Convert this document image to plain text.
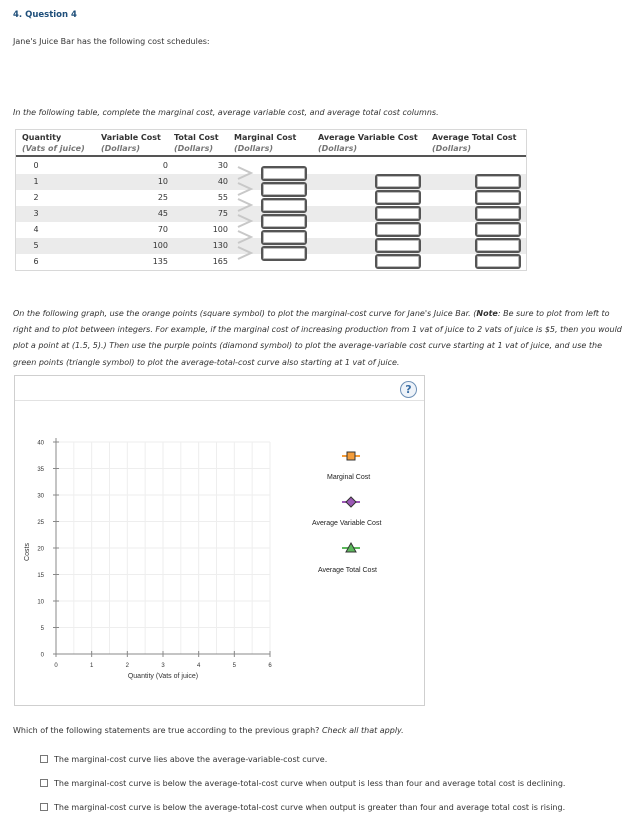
4. Question 4
Jane's Juice Bar has the following cost schedules:
In the following table, complete the marginal cost, average variable cost, and average total cost columns.
Quantity
(Vats of juice)
Variable Cost
(Dollars)
Total Cost
(Dollars)
Marginal Cost
(Dollars)
Average Variable Cost
(Dollars)
Average Total Cost
(Dollars)
0	0	30
1	10	40
2	25	55
3	45	75
4	70	100
5	100	130
6	135	165
On the following graph, use the orange points (square symbol) to plot the marginal-cost curve for Jane's Juice Bar. (Note: Be sure to plot from left to right and to plot between integers. For example, if the marginal cost of increasing production from 1 vat of juice to 2 vats of juice is $5, then you would plot a point at (1.5, 5).) Then use the purple points (diamond symbol) to plot the average-variable cost curve starting at 1 vat of juice, and use the green points (triangle symbol) to plot the average-total-cost curve also starting at 1 vat of juice.
?
40
35
30
25
20
15
10
5
0
0	1	2	3	4	5	6
Costs
Quantity (Vats of juice)
Marginal Cost
Average Variable Cost
Average Total Cost
Which of the following statements are true according to the previous graph? Check all that apply.
The marginal-cost curve lies above the average-variable-cost curve.
The marginal-cost curve is below the average-total-cost curve when output is less than four and average total cost is declining.
The marginal-cost curve is below the average-total-cost curve when output is greater than four and average total cost is rising.
